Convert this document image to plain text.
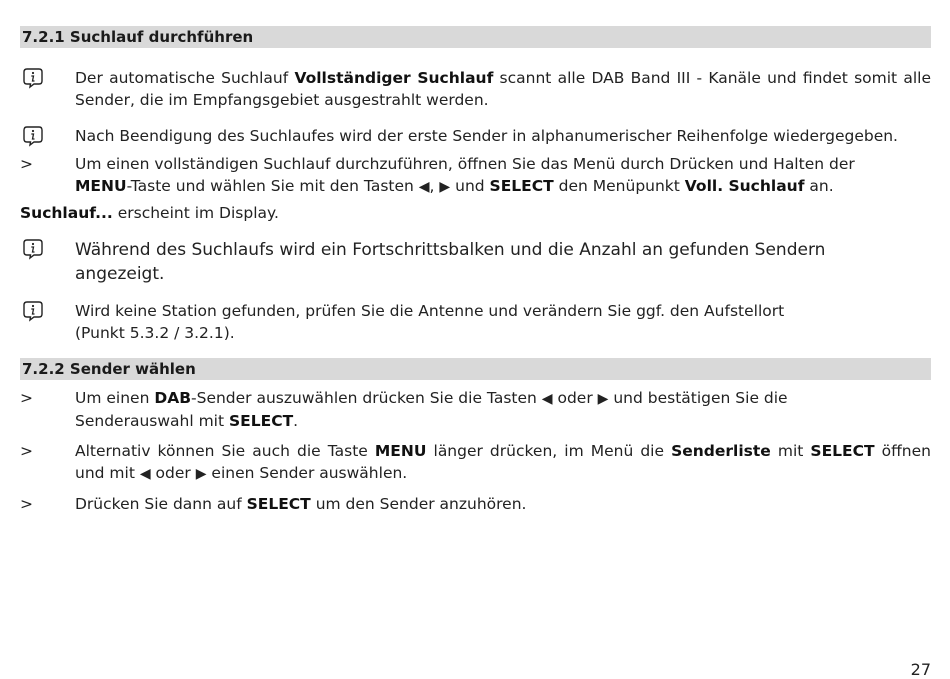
7.2.1 Suchlauf durchführen
Der automatische Suchlauf Vollständiger Suchlauf scannt alle DAB Band III - Kanäle und findet somit alle
Sender, die im Empfangsgebiet ausgestrahlt werden.
Nach Beendigung des Suchlaufes wird der erste Sender in alphanumerischer Reihenfolge wiedergegeben.
>	Um einen vollständigen Suchlauf durchzuführen, öffnen Sie das Menü durch Drücken und Halten der
MENU-Taste und wählen Sie mit den Tasten ◀, ▶ und SELECT den Menüpunkt Voll. Suchlauf an.
Suchlauf... erscheint im Display.
Während des Suchlaufs wird ein Fortschrittsbalken und die Anzahl an gefunden Sendern
angezeigt.
Wird keine Station gefunden, prüfen Sie die Antenne und verändern Sie ggf. den Aufstellort
(Punkt 5.3.2 / 3.2.1).
7.2.2 Sender wählen
>	Um einen DAB-Sender auszuwählen drücken Sie die Tasten ◀ oder ▶ und bestätigen Sie die
Senderauswahl mit SELECT.
>	Alternativ können Sie auch die Taste MENU länger drücken, im Menü die Senderliste mit SELECT öffnen
und mit ◀ oder ▶ einen Sender auswählen.
>	Drücken Sie dann auf SELECT um den Sender anzuhören.
27
